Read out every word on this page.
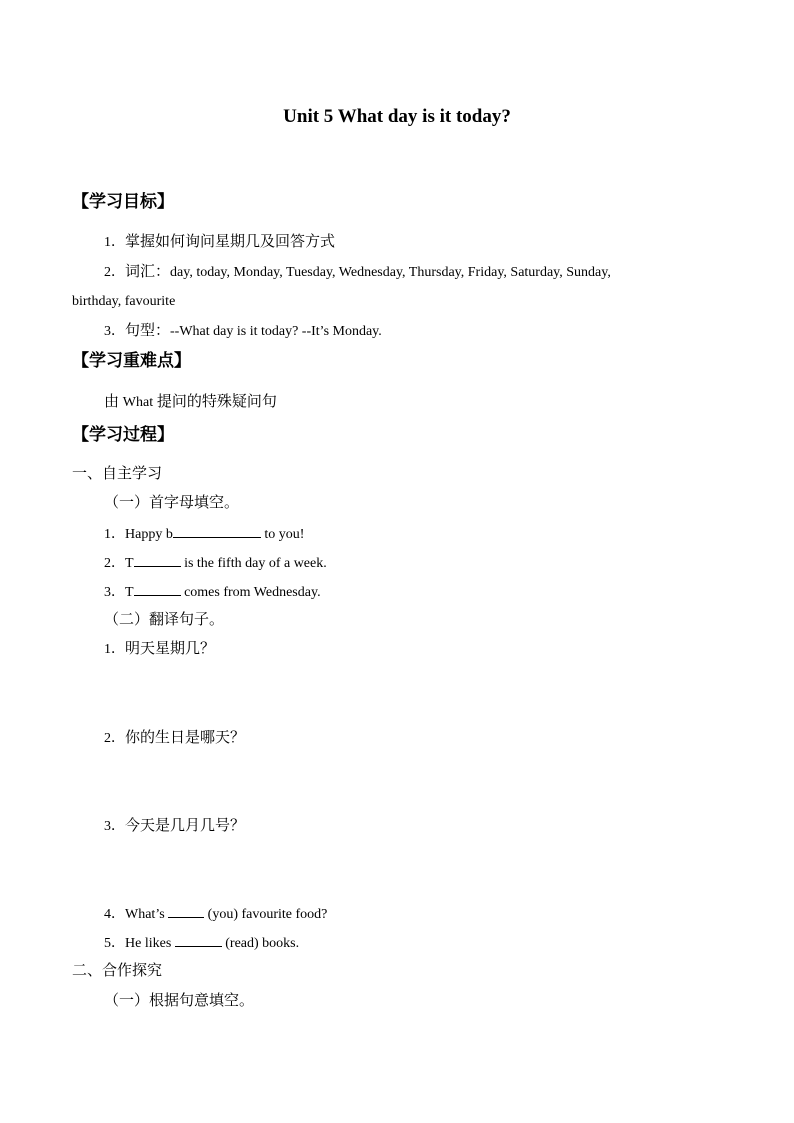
Unit 5 What day is it today?
【学习目标】
1．掌握如何询问星期几及回答方式
2．词汇：day, today, Monday, Tuesday, Wednesday, Thursday, Friday, Saturday, Sunday,
birthday, favourite
3．句型：--What day is it today? --It’s Monday.
【学习重难点】
由 What 提问的特殊疑问句
【学习过程】
一、自主学习
（一）首字母填空。
1．Happy b	to you!
2．T	is the fifth day of a week.
3．T	comes from Wednesday.
（二）翻译句子。
1．明天星期几？
2．你的生日是哪天？
3．今天是几月几号？
4．What’s	(you) favourite food?
5．He likes	(read) books.
二、合作探究
（一）根据句意填空。
